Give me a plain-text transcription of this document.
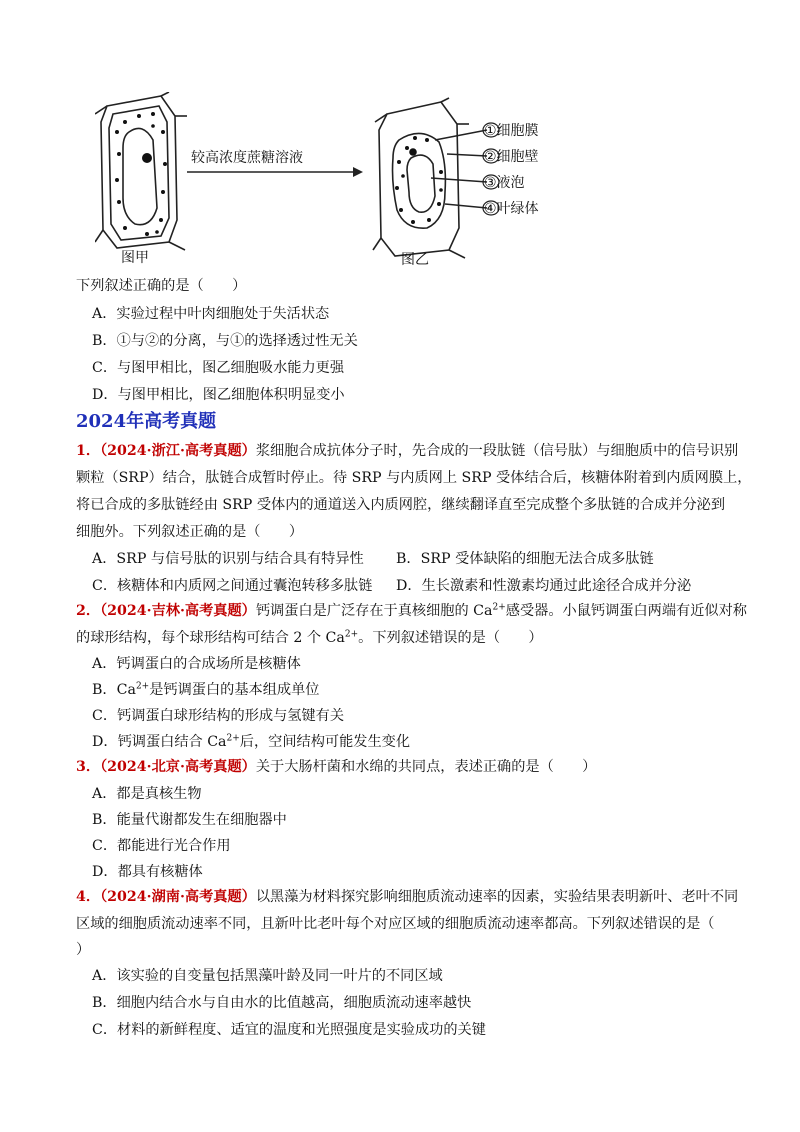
较高浓度蔗糖溶液
图甲	图乙
①细胞膜
②细胞壁
③液泡
④叶绿体
下列叙述正确的是（　　）
A．实验过程中叶肉细胞处于失活状态
B．①与②的分离，与①的选择透过性无关
C．与图甲相比，图乙细胞吸水能力更强
D．与图甲相比，图乙细胞体积明显变小
2024年高考真题
1．（2024·浙江·高考真题）浆细胞合成抗体分子时，先合成的一段肽链（信号肽）与细胞质中的信号识别
颗粒（SRP）结合，肽链合成暂时停止。待 SRP 与内质网上 SRP 受体结合后，核糖体附着到内质网膜上，
将已合成的多肽链经由 SRP 受体内的通道送入内质网腔，继续翻译直至完成整个多肽链的合成并分泌到
细胞外。下列叙述正确的是（　　）
A．SRP 与信号肽的识别与结合具有特异性 B．SRP 受体缺陷的细胞无法合成多肽链
C．核糖体和内质网之间通过囊泡转移多肽链 D．生长激素和性激素均通过此途径合成并分泌
2．（2024·吉林·高考真题）钙调蛋白是广泛存在于真核细胞的 $Ca^{2+}$感受器。小鼠钙调蛋白两端有近似对称
的球形结构，每个球形结构可结合 2 个 $Ca^{2+}$。下列叙述错误的是（　　）
A．钙调蛋白的合成场所是核糖体
B．$Ca^{2+}$是钙调蛋白的基本组成单位
C．钙调蛋白球形结构的形成与氢键有关
D．钙调蛋白结合 $Ca^{2+}$后，空间结构可能发生变化
3．（2024·北京·高考真题）关于大肠杆菌和水绵的共同点，表述正确的是（　　）
A．都是真核生物
B．能量代谢都发生在细胞器中
C．都能进行光合作用
D．都具有核糖体
4．（2024·湖南·高考真题）以黑藻为材料探究影响细胞质流动速率的因素，实验结果表明新叶、老叶不同
区域的细胞质流动速率不同，且新叶比老叶每个对应区域的细胞质流动速率都高。下列叙述错误的是（
）
A．该实验的自变量包括黑藻叶龄及同一叶片的不同区域
B．细胞内结合水与自由水的比值越高，细胞质流动速率越快
C．材料的新鲜程度、适宜的温度和光照强度是实验成功的关键
